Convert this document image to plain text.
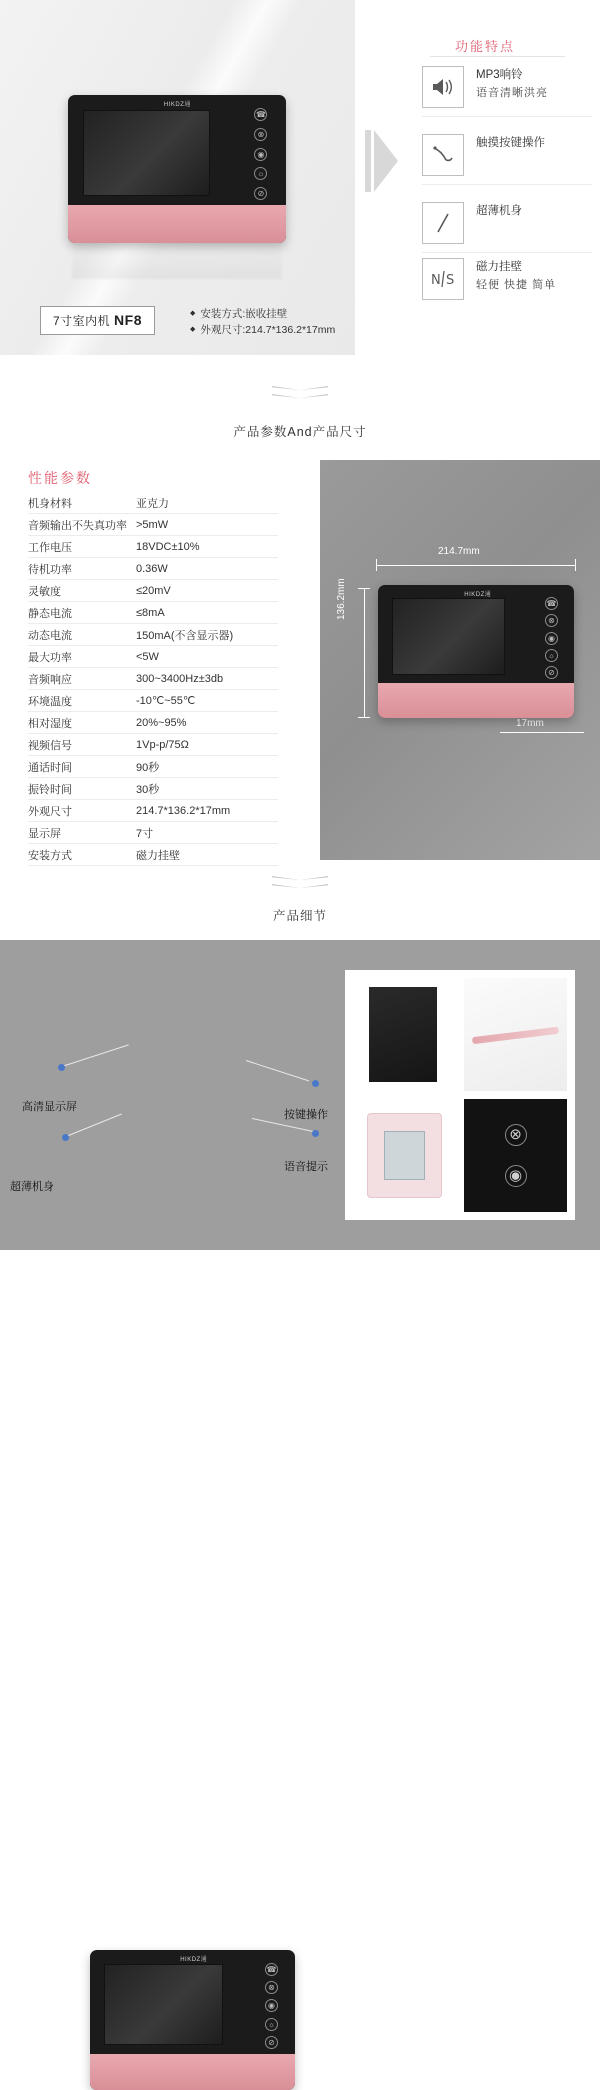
HIKDZ通
☎
⊗
◉
☼
⊘
7寸室内机 NF8	◆ 安装方式:嵌收挂壁
◆ 外观尺寸:214.7*136.2*17mm
功能特点
MP3响铃
语音清晰洪亮
触摸按键操作
超薄机身
N S
磁力挂壁
轻便 快捷 简单
产品参数And产品尺寸
性能参数
机身材料	亚克力
音频输出不失真功率 >5mW
工作电压	18VDC±10%
待机功率	0.36W
灵敏度	≤20mV
静态电流	≤8mA
动态电流	150mA(不含显示器)
最大功率	<5W
音频响应	300~3400Hz±3db
环境温度	-10℃~55℃
相对湿度	20%~95%
视频信号	1Vp-p/75Ω
通话时间	90秒
振铃时间	30秒
外观尺寸	214.7*136.2*17mm
显示屏	7寸
安装方式	磁力挂壁
214.7mm
136.2mm
17mm
HIKDZ通
☎
⊗
◉
☼
⊘
产品细节
HIKDZ通
☎
⊗
◉
☼
⊘
高清显示屏
超薄机身
按键操作
语音提示
⊗
◉
